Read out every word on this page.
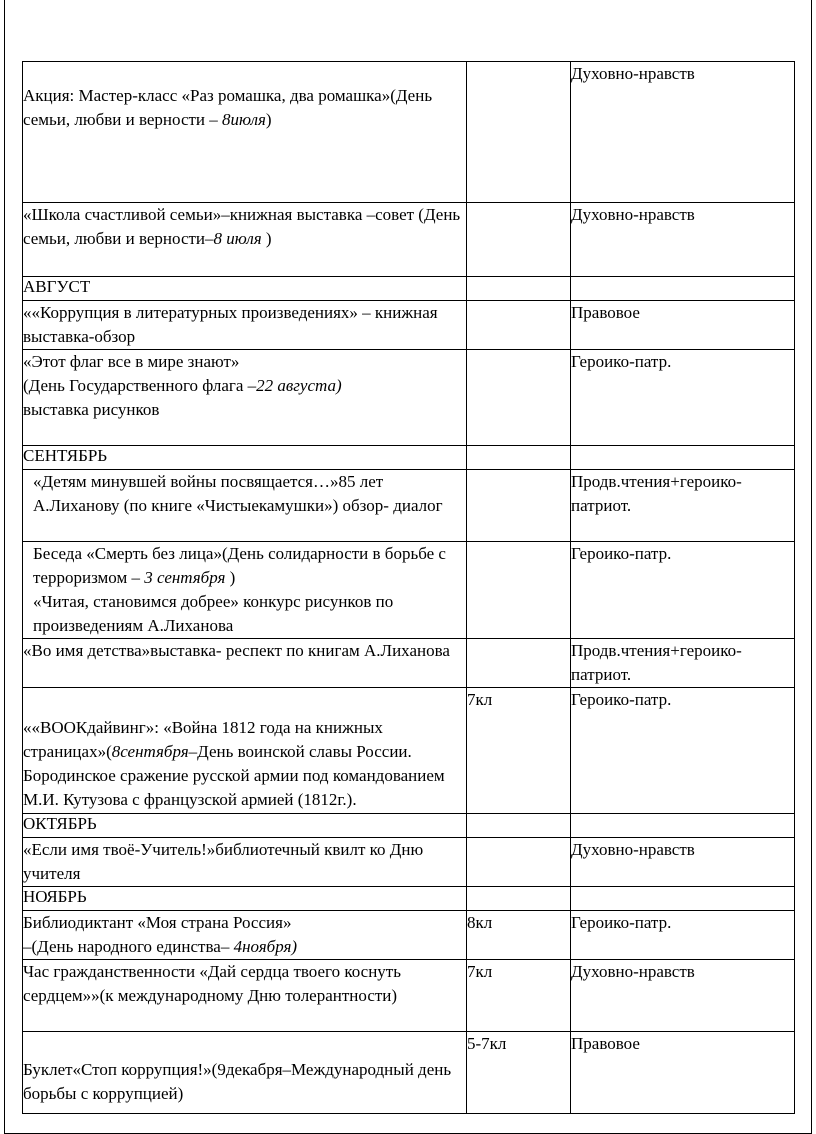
Акция: Мастер-класс «Раз ромашка, два ромашка»(День семьи, любви и верности – 8июля)		Духовно-нравств
«Школа счастливой семьи»–книжная выставка –совет (День семьи, любви и верности–8 июля )		Духовно-нравств
АВГУСТ		
««Коррупция в литературных произведениях» – книжная выставка-обзор		Правовое

«Этот флаг все в мире знают»
(День Государственного флага –22 августа)
выставка рисунков		Героико-патр.
СЕНТЯБРЬ		
«Детям минувшей войны посвящается…»85 лет А.Лиханову (по книге «Чистыекамушки») обзор- диалог		Продв.чтения+героико-патриот.

Беседа «Смерть без лица»(День солидарности в борьбе с терроризмом – 3 сентября )
«Читая, становимся добрее» конкурс рисунков по произведениям А.Лиханова		Героико-патр.
«Во имя детства»выставка- респект по книгам А.Лиханова		Продв.чтения+героико-патриот.
««ВООКдайвинг»: «Война 1812 года на книжных страницах»(8сентября–День воинской славы России. Бородинское сражение русской армии под командованием М.И. Кутузова с французской армией (1812г.).	7кл	Героико-патр.
ОКТЯБРЬ		
«Если имя твоё-Учитель!»библиотечный квилт ко Дню учителя		Духовно-нравств
НОЯБРЬ		

Библиодиктант «Моя страна Россия»
–(День народного единства– 4ноября)	8кл	Героико-патр.
Час гражданственности «Дай сердца твоего коснуть сердцем»»(к международному Дню толерантности)	7кл	Духовно-нравств
Буклет«Стоп коррупция!»(9декабря–Международный день борьбы с коррупцией)	5-7кл	Правовое
